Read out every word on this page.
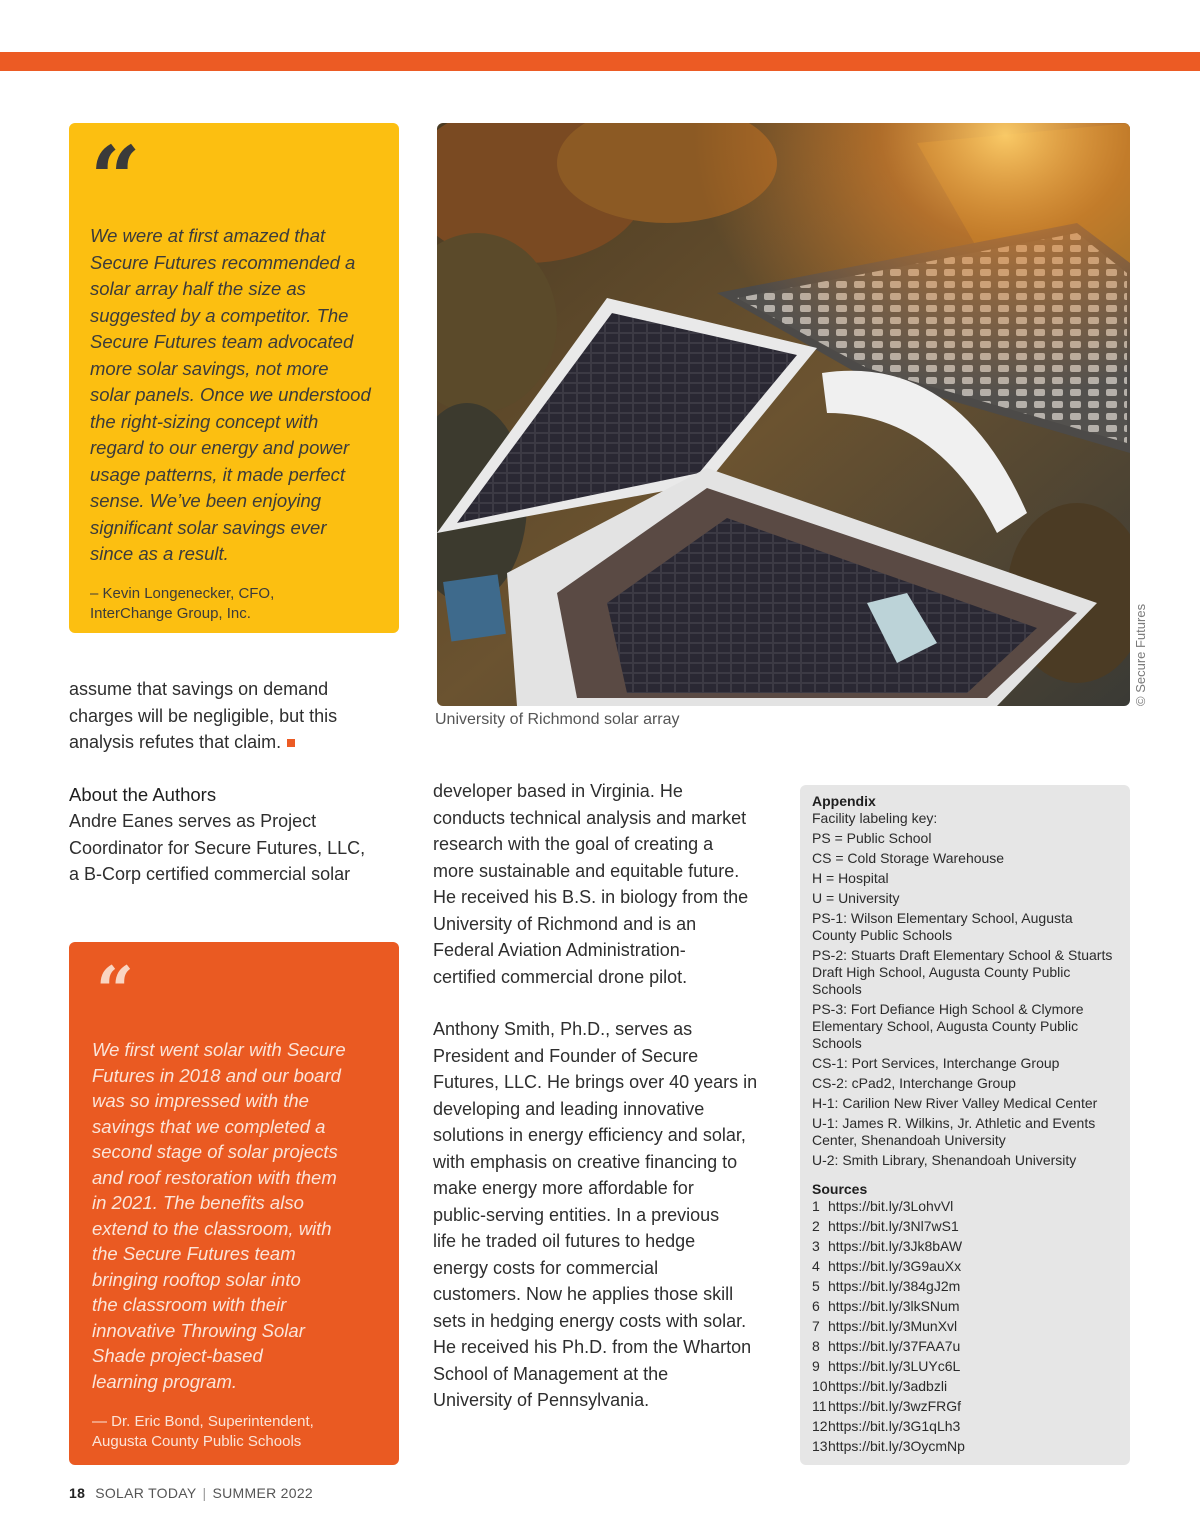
“
We were at first amazed that
Secure Futures recommended a
solar array half the size as
suggested by a competitor. The
Secure Futures team advocated
more solar savings, not more
solar panels. Once we understood
the right-sizing concept with
regard to our energy and power
usage patterns, it made perfect
sense. We’ve been enjoying
significant solar savings ever
since as a result.
– Kevin Longenecker, CFO,
InterChange Group, Inc.
assume that savings on demand
charges will be negligible, but this
analysis refutes that claim.
About the Authors
Andre Eanes serves as Project
Coordinator for Secure Futures, LLC,
a B-Corp certified commercial solar
“
We first went solar with Secure
Futures in 2018 and our board
was so impressed with the
savings that we completed a
second stage of solar projects
and roof restoration with them
in 2021. The benefits also
extend to the classroom, with
the Secure Futures team
bringing rooftop solar into
the classroom with their
innovative Throwing Solar
Shade project-based
learning program.
— Dr. Eric Bond, Superintendent,
Augusta County Public Schools
© Secure Futures
University of Richmond solar array
developer based in Virginia. He
conducts technical analysis and market
research with the goal of creating a
more sustainable and equitable future.
He received his B.S. in biology from the
University of Richmond and is an
Federal Aviation Administration-
certified commercial drone pilot.
Anthony Smith, Ph.D., serves as
President and Founder of Secure
Futures, LLC. He brings over 40 years in
developing and leading innovative
solutions in energy efficiency and solar,
with emphasis on creative financing to
make energy more affordable for
public-serving entities. In a previous
life he traded oil futures to hedge
energy costs for commercial
customers. Now he applies those skill
sets in hedging energy costs with solar.
He received his Ph.D. from the Wharton
School of Management at the
University of Pennsylvania.
Appendix
Facility labeling key:
PS = Public School
CS = Cold Storage Warehouse
H = Hospital
U = University
PS-1: Wilson Elementary School, Augusta County Public Schools
PS-2: Stuarts Draft Elementary School & Stuarts Draft High School, Augusta County Public Schools
PS-3: Fort Defiance High School & Clymore Elementary School, Augusta County Public Schools
CS-1: Port Services, Interchange Group
CS-2: cPad2, Interchange Group
H-1: Carilion New River Valley Medical Center
U-1: James R. Wilkins, Jr. Athletic and Events Center, Shenandoah University
U-2: Smith Library, Shenandoah University
Sources
1 https://bit.ly/3LohvVl
2 https://bit.ly/3Nl7wS1
3 https://bit.ly/3Jk8bAW
4 https://bit.ly/3G9auXx
5 https://bit.ly/384gJ2m
6 https://bit.ly/3lkSNum
7 https://bit.ly/3MunXvl
8 https://bit.ly/37FAA7u
9 https://bit.ly/3LUYc6L
10 https://bit.ly/3adbzli
11 https://bit.ly/3wzFRGf
12 https://bit.ly/3G1qLh3
13 https://bit.ly/3OycmNp
18 SOLAR TODAY | SUMMER 2022
